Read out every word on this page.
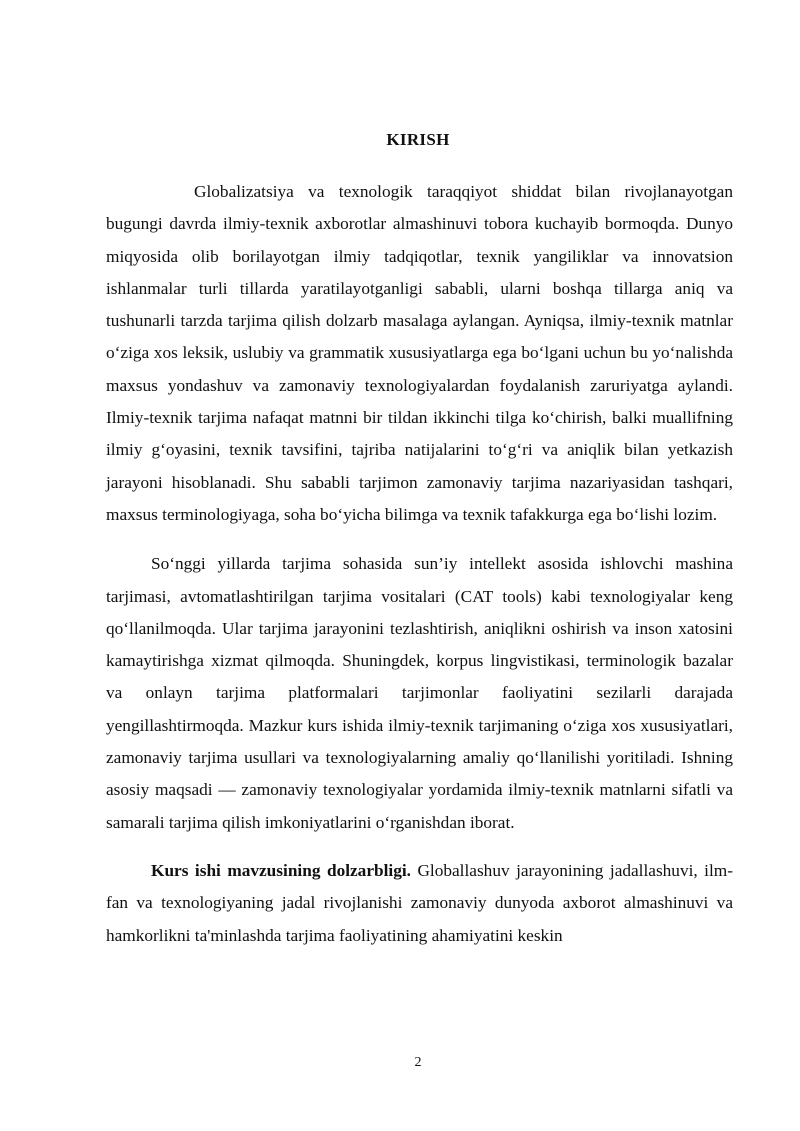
KIRISH

Globalizatsiya va texnologik taraqqiyot shiddat bilan rivojlanayotgan bugungi davrda ilmiy-texnik axborotlar almashinuvi tobora kuchayib bormoqda. Dunyo miqyosida olib borilayotgan ilmiy tadqiqotlar, texnik yangiliklar va innovatsion ishlanmalar turli tillarda yaratilayotganligi sababli, ularni boshqa tillarga aniq va tushunarli tarzda tarjima qilish dolzarb masalaga aylangan. Ayniqsa, ilmiy-texnik matnlar o‘ziga xos leksik, uslubiy va grammatik xususiyatlarga ega bo‘lgani uchun bu yo‘nalishda maxsus yondashuv va zamonaviy texnologiyalardan foydalanish zaruriyatga aylandi. Ilmiy-texnik tarjima nafaqat matnni bir tildan ikkinchi tilga ko‘chirish, balki muallifning ilmiy g‘oyasini, texnik tavsifini, tajriba natijalarini to‘g‘ri va aniqlik bilan yetkazish jarayoni hisoblanadi. Shu sababli tarjimon zamonaviy tarjima nazariyasidan tashqari, maxsus terminologiyaga, soha bo‘yicha bilimga va texnik tafakkurga ega bo‘lishi lozim.

So‘nggi yillarda tarjima sohasida sun’iy intellekt asosida ishlovchi mashina tarjimasi, avtomatlashtirilgan tarjima vositalari (CAT tools) kabi texnologiyalar keng qo‘llanilmoqda. Ular tarjima jarayonini tezlashtirish, aniqlikni oshirish va inson xatosini kamaytirishga xizmat qilmoqda. Shuningdek, korpus lingvistikasi, terminologik bazalar va onlayn tarjima platformalari tarjimonlar faoliyatini sezilarli darajada yengillashtirmoqda. Mazkur kurs ishida ilmiy-texnik tarjimaning o‘ziga xos xususiyatlari, zamonaviy tarjima usullari va texnologiyalarning amaliy qo‘llanilishi yoritiladi. Ishning asosiy maqsadi — zamonaviy texnologiyalar yordamida ilmiy-texnik matnlarni sifatli va samarali tarjima qilish imkoniyatlarini o‘rganishdan iborat.

Kurs ishi mavzusining dolzarbligi. Globallashuv jarayonining jadallashuvi, ilm-fan va texnologiyaning jadal rivojlanishi zamonaviy dunyoda axborot almashinuvi va hamkorlikni ta'minlashda tarjima faoliyatining ahamiyatini keskin

2
